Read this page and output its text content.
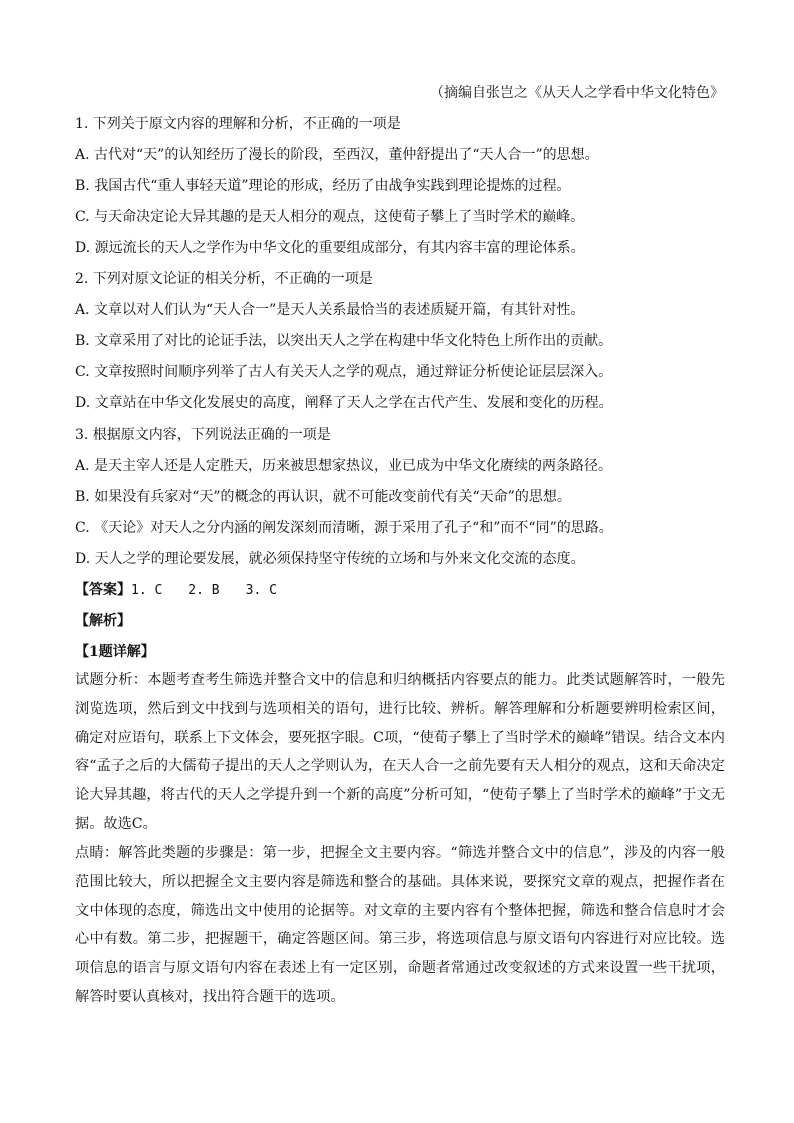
（摘编自张岂之《从天人之学看中华文化特色》
1. 下列关于原文内容的理解和分析，不正确的一项是
A. 古代对“天”的认知经历了漫长的阶段，至西汉，董仲舒提出了“天人合一”的思想。
B. 我国古代“重人事轻天道”理论的形成，经历了由战争实践到理论提炼的过程。
C. 与天命决定论大异其趣的是天人相分的观点，这使荀子攀上了当时学术的巅峰。
D. 源远流长的天人之学作为中华文化的重要组成部分，有其内容丰富的理论体系。
2. 下列对原文论证的相关分析，不正确的一项是
A. 文章以对人们认为“天人合一”是天人关系最恰当的表述质疑开篇，有其针对性。
B. 文章采用了对比的论证手法，以突出天人之学在构建中华文化特色上所作出的贡献。
C. 文章按照时间顺序列举了古人有关天人之学的观点，通过辩证分析使论证层层深入。
D. 文章站在中华文化发展史的高度，阐释了天人之学在古代产生、发展和变化的历程。
3. 根据原文内容，下列说法正确的一项是
A. 是天主宰人还是人定胜天，历来被思想家热议，业已成为中华文化赓续的两条路径。
B. 如果没有兵家对“天”的概念的再认识，就不可能改变前代有关“天命”的思想。
C. 《天论》对天人之分内涵的阐发深刻而清晰，源于采用了孔子“和”而不“同”的思路。
D. 天人之学的理论要发展，就必须保持坚守传统的立场和与外来文化交流的态度。
【答案】1. C　　2. B　　3. C
【解析】
【1题详解】
试题分析：本题考查考生筛选并整合文中的信息和归纳概括内容要点的能力。此类试题解答时，一般先浏览选项，然后到文中找到与选项相关的语句，进行比较、辨析。解答理解和分析题要辨明检索区间，确定对应语句，联系上下文体会，要死抠字眼。C项，“使荀子攀上了当时学术的巅峰”错误。结合文本内容“孟子之后的大儒荀子提出的天人之学则认为，在天人合一之前先要有天人相分的观点，这和天命决定论大异其趣，将古代的天人之学提升到一个新的高度”分析可知，“使荀子攀上了当时学术的巅峰”于文无据。故选C。
点睛：解答此类题的步骤是：第一步，把握全文主要内容。“筛选并整合文中的信息”，涉及的内容一般范围比较大，所以把握全文主要内容是筛选和整合的基础。具体来说，要探究文章的观点，把握作者在文中体现的态度，筛选出文中使用的论据等。对文章的主要内容有个整体把握，筛选和整合信息时才会心中有数。第二步，把握题干，确定答题区间。第三步，将选项信息与原文语句内容进行对应比较。选项信息的语言与原文语句内容在表述上有一定区别，命题者常通过改变叙述的方式来设置一些干扰项，解答时要认真核对，找出符合题干的选项。
